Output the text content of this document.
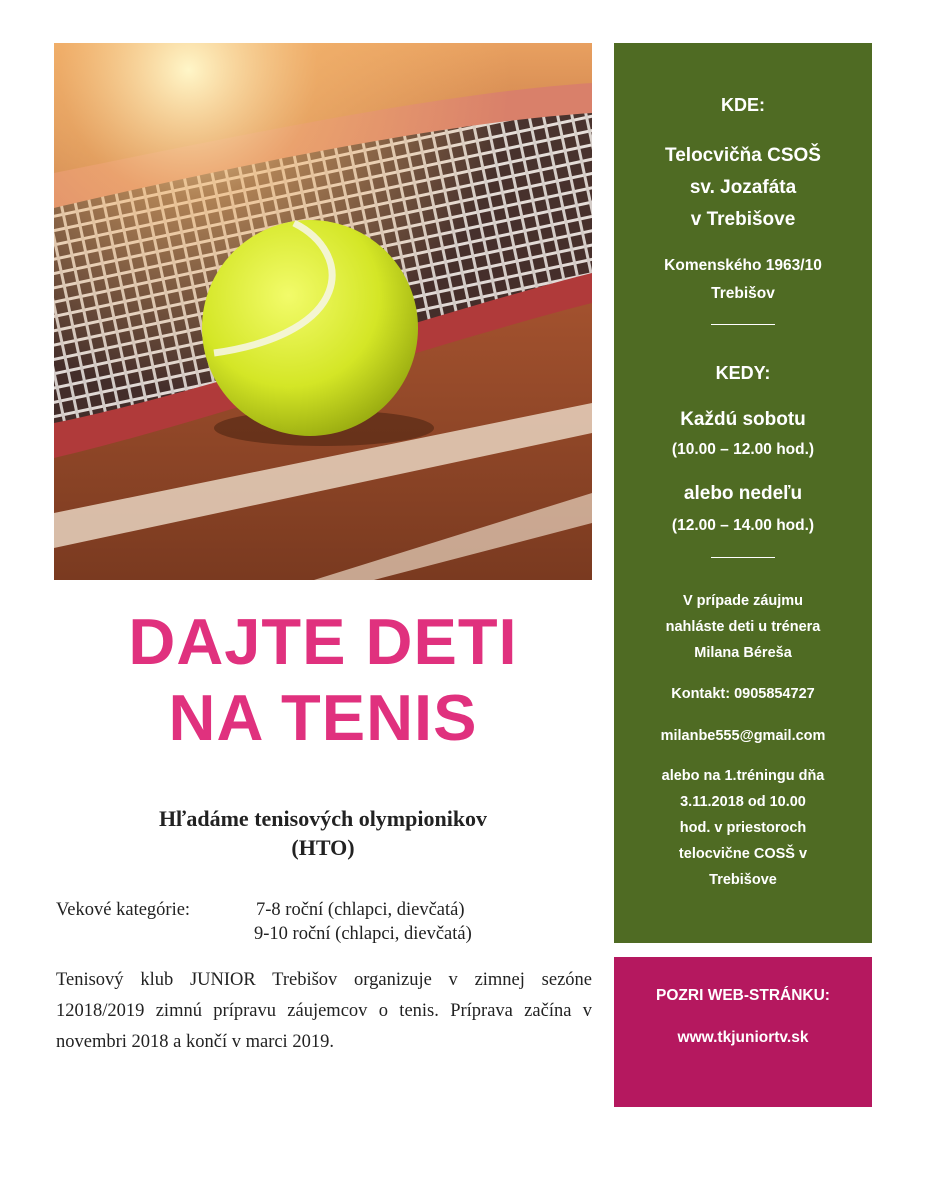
DAJTE DETI
NA TENIS
Hľadáme tenisových olympionikov
(HTO)
Vekové kategórie:	7-8 roční (chlapci, dievčatá)
9-10 roční (chlapci, dievčatá)
Tenisový klub JUNIOR Trebišov organizuje v zimnej sezóne 12018/2019 zimnú prípravu záujemcov o tenis. Príprava začína v novembri 2018 a končí v marci 2019.
KDE:
Telocvičňa CSOŠ
sv. Jozafáta
v Trebišove
Komenského 1963/10
Trebišov
KEDY:
Každú sobotu
(10.00 – 12.00 hod.)
alebo nedeľu
(12.00 – 14.00 hod.)
V prípade záujmu
nahláste deti u trénera
Milana Béreša
Kontakt: 0905854727
milanbe555@gmail.com
alebo na 1.tréningu dňa
3.11.2018 od 10.00
hod. v priestoroch
telocvične COSŠ v
Trebišove
POZRI WEB-STRÁNKU:
www.tkjuniortv.sk
